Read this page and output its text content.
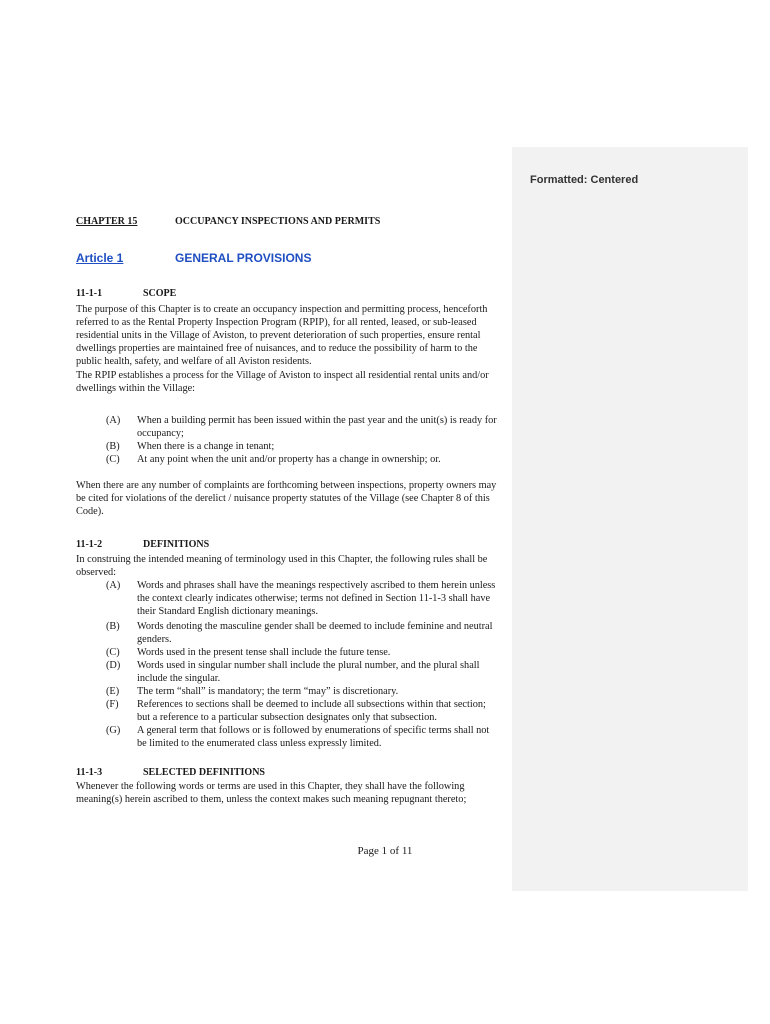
Formatted: Centered
CHAPTER 15	OCCUPANCY INSPECTIONS AND PERMITS
Article 1	GENERAL PROVISIONS
11-1-1	SCOPE
The purpose of this Chapter is to create an occupancy inspection and permitting process, henceforth referred to as the Rental Property Inspection Program (RPIP), for all rented, leased, or sub-leased residential units in the Village of Aviston, to prevent deterioration of such properties, ensure rental dwellings properties are maintained free of nuisances, and to reduce the possibility of harm to the public health, safety, and welfare of all Aviston residents.
The RPIP establishes a process for the Village of Aviston to inspect all residential rental units and/or dwellings within the Village:
(A) When a building permit has been issued within the past year and the unit(s) is ready for occupancy;
(B) When there is a change in tenant;
(C) At any point when the unit and/or property has a change in ownership; or.
When there are any number of complaints are forthcoming between inspections, property owners may be cited for violations of the derelict / nuisance property statutes of the Village (see Chapter 8 of this Code).
11-1-2	DEFINITIONS
In construing the intended meaning of terminology used in this Chapter, the following rules shall be observed:
(A) Words and phrases shall have the meanings respectively ascribed to them herein unless the context clearly indicates otherwise; terms not defined in Section 11-1-3 shall have their Standard English dictionary meanings.
(B) Words denoting the masculine gender shall be deemed to include feminine and neutral genders.
(C) Words used in the present tense shall include the future tense.
(D) Words used in singular number shall include the plural number, and the plural shall include the singular.
(E) The term “shall” is mandatory; the term “may” is discretionary.
(F) References to sections shall be deemed to include all subsections within that section; but a reference to a particular subsection designates only that subsection.
(G) A general term that follows or is followed by enumerations of specific terms shall not be limited to the enumerated class unless expressly limited.
11-1-3	SELECTED DEFINITIONS
Whenever the following words or terms are used in this Chapter, they shall have the following meaning(s) herein ascribed to them, unless the context makes such meaning repugnant thereto;
Page 1 of 11
